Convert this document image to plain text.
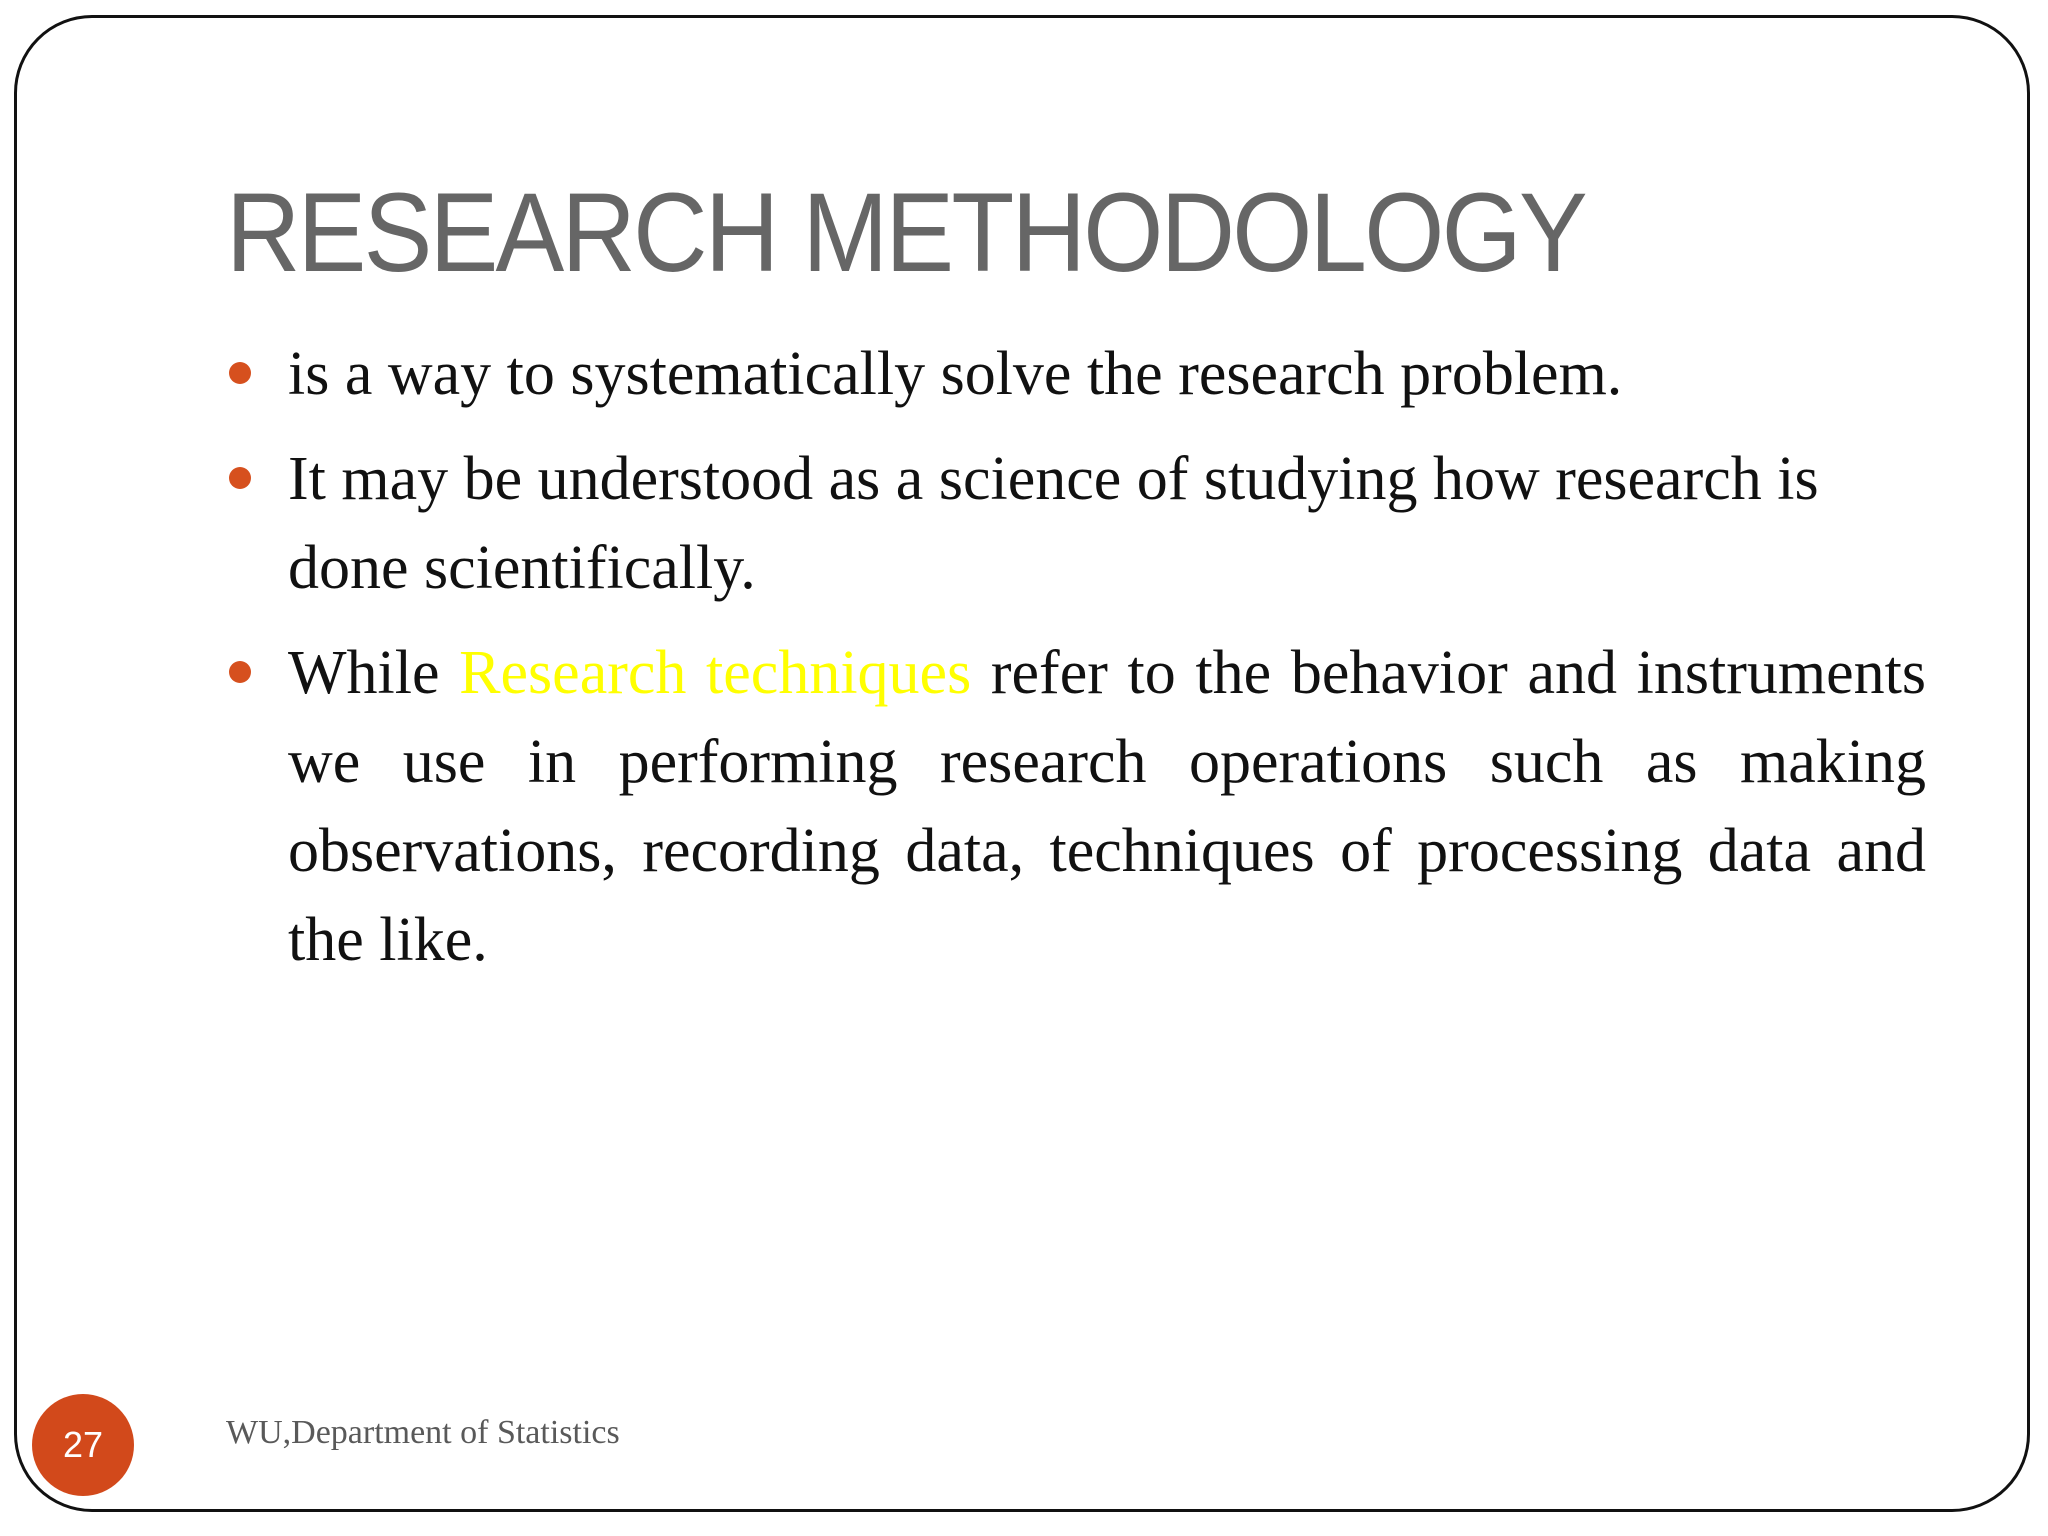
RESEARCH METHODOLOGY
is a way to systematically solve the research problem.
It may be understood as a science of studying how research is done scientifically.
While Research techniques refer to the behavior and instruments we use in performing research operations such as making observations, recording data, techniques of processing data and the like.
27	WU,Department of Statistics
